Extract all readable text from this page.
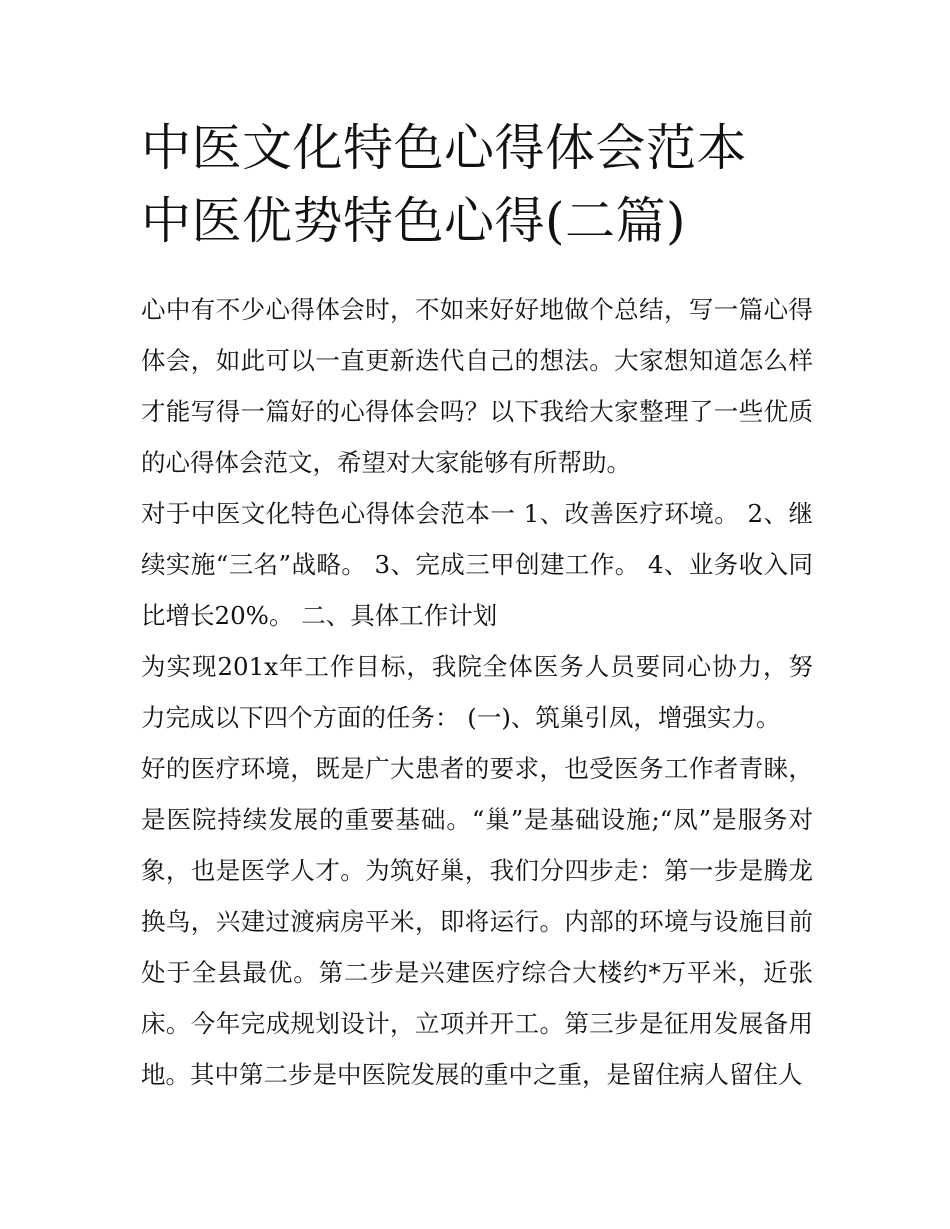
中医文化特色心得体会范本 中医优势特色心得(二篇)

心中有不少心得体会时，不如来好好地做个总结，写一篇心得体会，如此可以一直更新迭代自己的想法。大家想知道怎么样才能写得一篇好的心得体会吗？以下我给大家整理了一些优质的心得体会范文，希望对大家能够有所帮助。

对于中医文化特色心得体会范本一 1、改善医疗环境。 2、继续实施“三名”战略。 3、完成三甲创建工作。 4、业务收入同比增长20%。 二、具体工作计划

为实现201x年工作目标，我院全体医务人员要同心协力，努力完成以下四个方面的任务： (一)、筑巢引凤，增强实力。

好的医疗环境，既是广大患者的要求，也受医务工作者青睐，是医院持续发展的重要基础。“巢”是基础设施;“凤”是服务对象，也是医学人才。为筑好巢，我们分四步走：第一步是腾龙换鸟，兴建过渡病房平米，即将运行。内部的环境与设施目前处于全县最优。第二步是兴建医疗综合大楼约*万平米，近张床。今年完成规划设计，立项并开工。第三步是征用发展备用地。其中第二步是中医院发展的重中之重，是留住病人留住人
